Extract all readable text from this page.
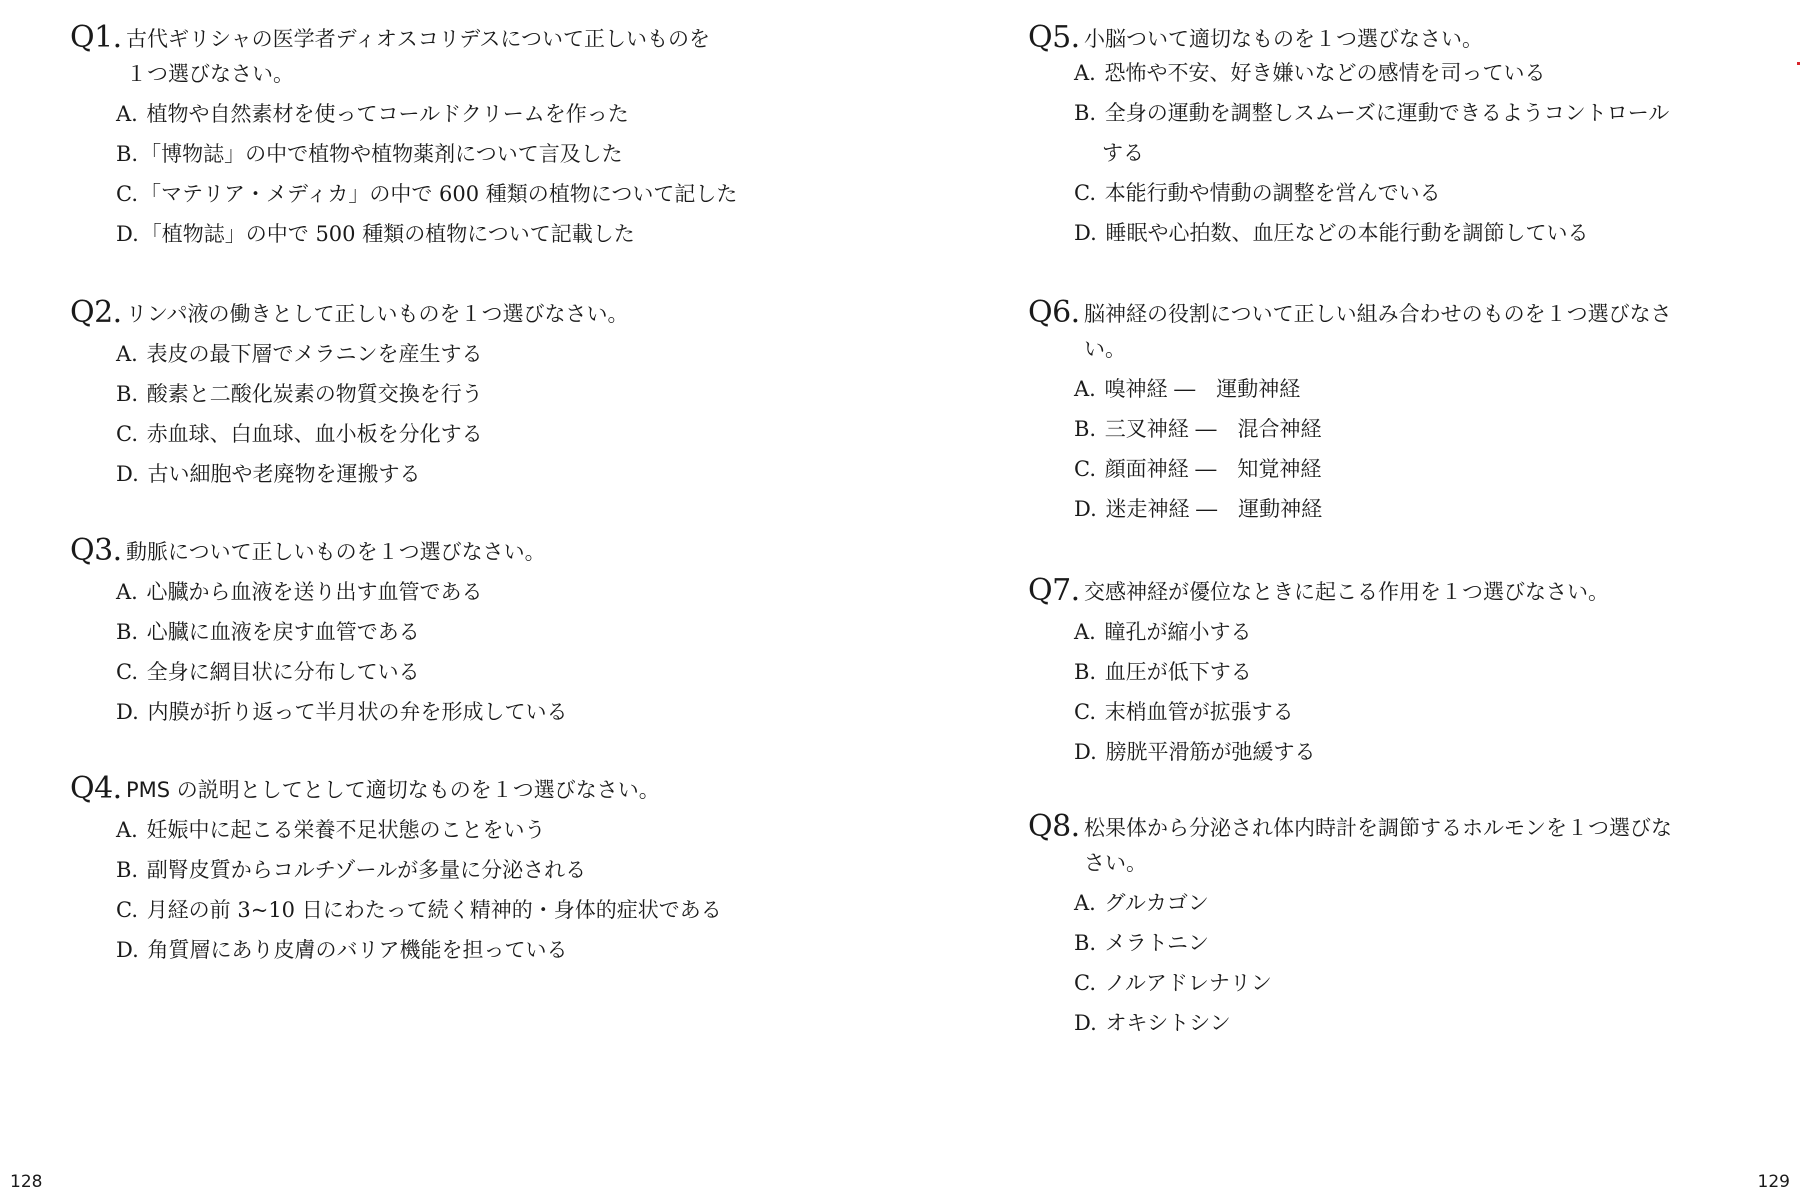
Q1. 古代ギリシャの医学者ディオスコリデスについて正しいものを
１つ選びなさい。
A. 植物や自然素材を使ってコールドクリームを作った
B.「博物誌」の中で植物や植物薬剤について言及した
C.「マテリア・メディカ」の中で 600 種類の植物について記した
D.「植物誌」の中で 500 種類の植物について記載した
Q2. リンパ液の働きとして正しいものを１つ選びなさい。
A. 表皮の最下層でメラニンを産生する
B. 酸素と二酸化炭素の物質交換を行う
C. 赤血球、白血球、血小板を分化する
D. 古い細胞や老廃物を運搬する
Q3. 動脈について正しいものを１つ選びなさい。
A. 心臓から血液を送り出す血管である
B. 心臓に血液を戻す血管である
C. 全身に網目状に分布している
D. 内膜が折り返って半月状の弁を形成している
Q4. PMS の説明としてとして適切なものを１つ選びなさい。
A. 妊娠中に起こる栄養不足状態のことをいう
B. 副腎皮質からコルチゾールが多量に分泌される
C. 月経の前 3~10 日にわたって続く精神的・身体的症状である
D. 角質層にあり皮膚のバリア機能を担っている
128
Q5. 小脳ついて適切なものを１つ選びなさい。
A. 恐怖や不安、好き嫌いなどの感情を司っている
B. 全身の運動を調整しスムーズに運動できるようコントロール
する
C. 本能行動や情動の調整を営んでいる
D. 睡眠や心拍数、血圧などの本能行動を調節している
Q6. 脳神経の役割について正しい組み合わせのものを１つ選びなさ
い。
A. 嗅神経 ―　運動神経
B. 三叉神経 ―　混合神経
C. 顔面神経 ―　知覚神経
D. 迷走神経 ―　運動神経
Q7. 交感神経が優位なときに起こる作用を１つ選びなさい。
A. 瞳孔が縮小する
B. 血圧が低下する
C. 末梢血管が拡張する
D. 膀胱平滑筋が弛緩する
Q8. 松果体から分泌され体内時計を調節するホルモンを１つ選びな
さい。
A. グルカゴン
B. メラトニン
C. ノルアドレナリン
D. オキシトシン
129
